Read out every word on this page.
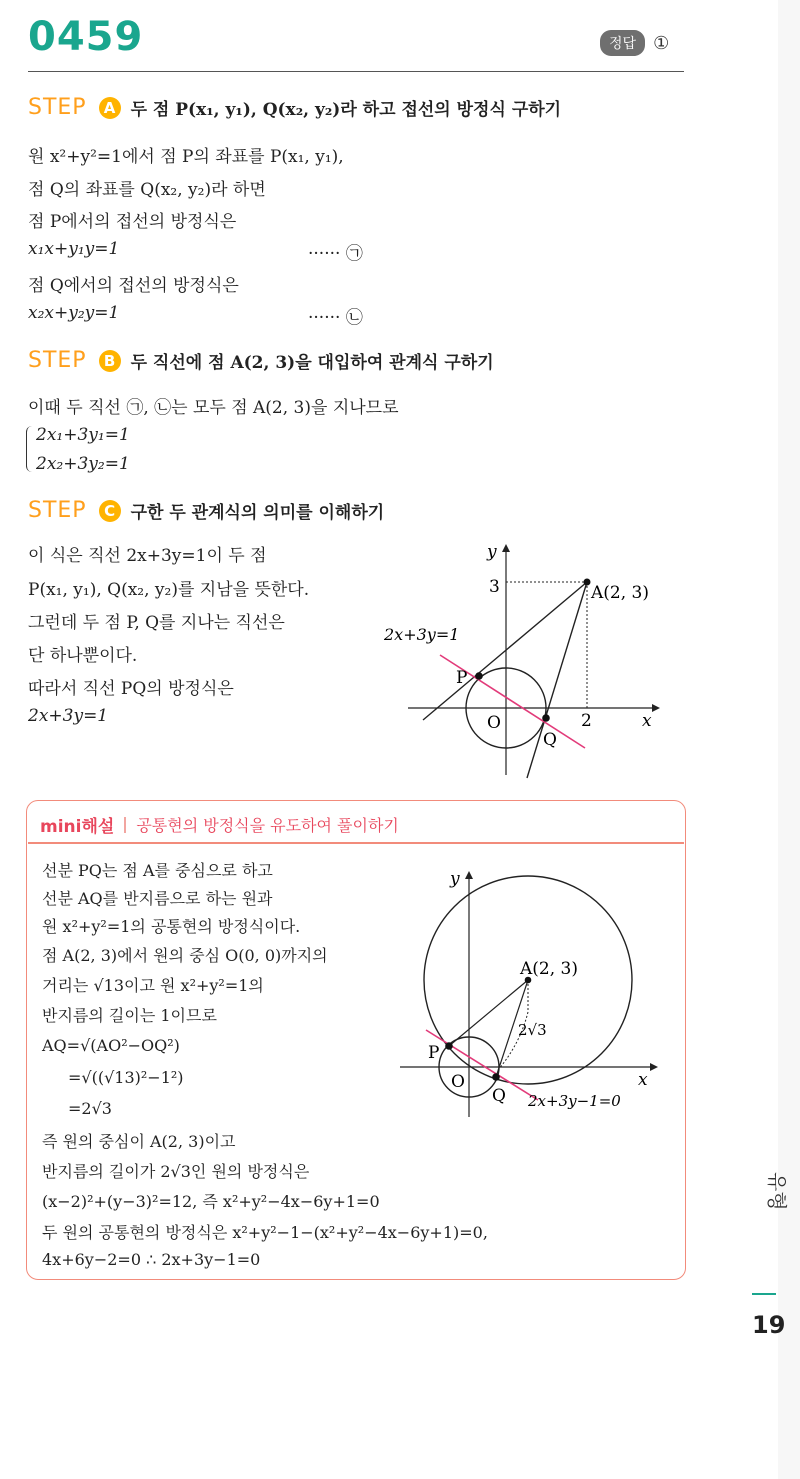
0459	정답 ①
STEP	A 두 점 P(x₁, y₁), Q(x₂, y₂)라 하고 접선의 방정식 구하기
원 x²+y²=1에서 점 P의 좌표를 P(x₁, y₁),
점 Q의 좌표를 Q(x₂, y₂)라 하면
점 P에서의 접선의 방정식은
x₁x+y₁y=1	······ ㉠
점 Q에서의 접선의 방정식은
x₂x+y₂y=1	······ ㉡
STEP	B 두 직선에 점 A(2, 3)을 대입하여 관계식 구하기
이때 두 직선 ㉠, ㉡는 모두 점 A(2, 3)을 지나므로
2x₁+3y₁=1
2x₂+3y₂=1
STEP	C 구한 두 관계식의 의미를 이해하기
이 식은 직선 2x+3y=1이 두 점
P(x₁, y₁), Q(x₂, y₂)를 지남을 뜻한다.
그런데 두 점 P, Q를 지나는 직선은
단 하나뿐이다.
따라서 직선 PQ의 방정식은
2x+3y=1
y
x
3
2
A(2, 3)
2x+3y=1
P
O
Q
mini해설 공통현의 방정식을 유도하여 풀이하기
선분 PQ는 점 A를 중심으로 하고
선분 AQ를 반지름으로 하는 원과
원 x²+y²=1의 공통현의 방정식이다.
점 A(2, 3)에서 원의 중심 O(0, 0)까지의
거리는 √13이고 원 x²+y²=1의
반지름의 길이는 1이므로
AQ=√(AO²−OQ²)
=√((√13)²−1²)
=2√3
즉 원의 중심이 A(2, 3)이고
반지름의 길이가 2√3인 원의 방정식은
(x−2)²+(y−3)²=12, 즉 x²+y²−4x−6y+1=0
두 원의 공통현의 방정식은 x²+y²−1−(x²+y²−4x−6y+1)=0,
4x+6y−2=0 ∴ 2x+3y−1=0
y
x
A(2, 3)
2√3
P
O
Q 2x+3y−1=0
유형
19
